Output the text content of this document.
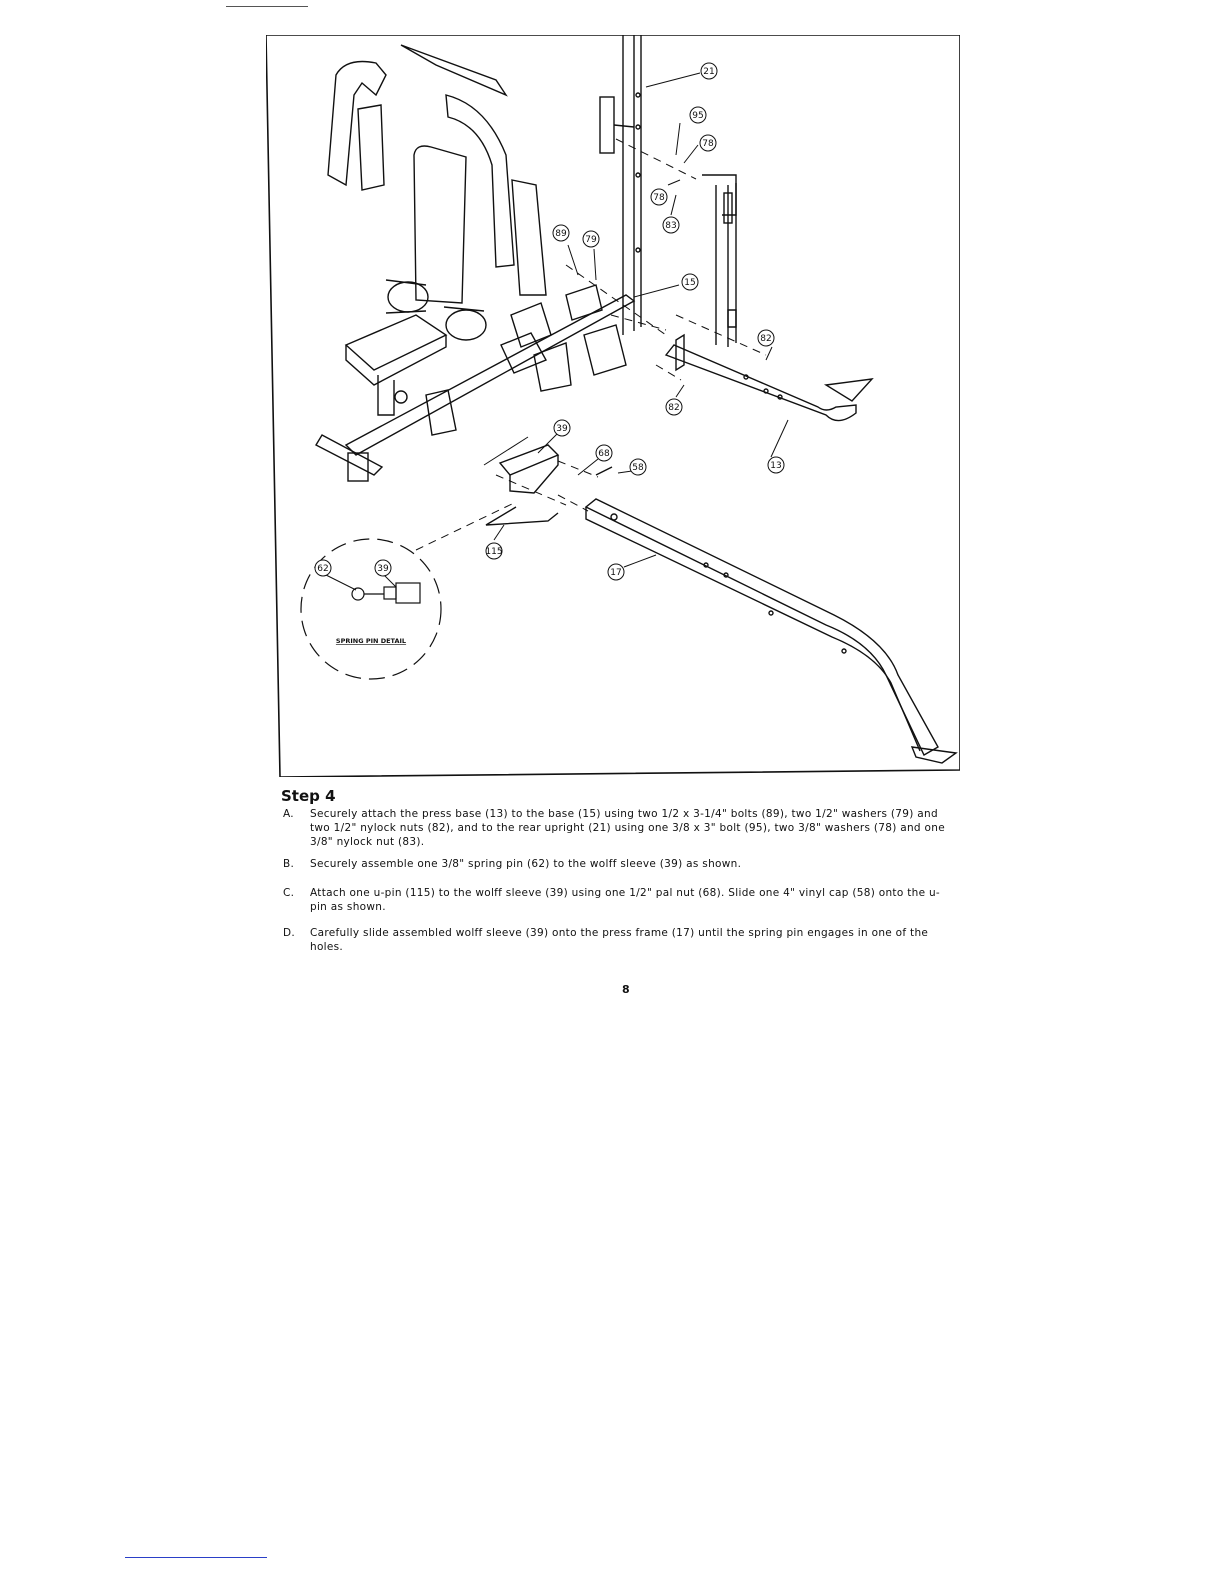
21
95
78
78
83
89
79
15
82
82
13
39
68
58
115
17
62	39
SPRING PIN DETAIL
Step 4
A. Securely attach the press base (13) to the base (15) using two 1/2 x 3-1/4" bolts (89), two 1/2" washers (79) and two 1/2" nylock nuts (82), and to the rear upright (21) using one 3/8 x 3" bolt (95), two 3/8" washers (78) and one 3/8" nylock nut (83).
B. Securely assemble one 3/8" spring pin (62) to the wolff sleeve (39) as shown.
C. Attach one u-pin (115) to the wolff sleeve (39) using one 1/2" pal nut (68). Slide one 4" vinyl cap (58) onto the u-pin as shown.
D. Carefully slide assembled wolff sleeve (39) onto the press frame (17) until the spring pin engages in one of the holes.
8
